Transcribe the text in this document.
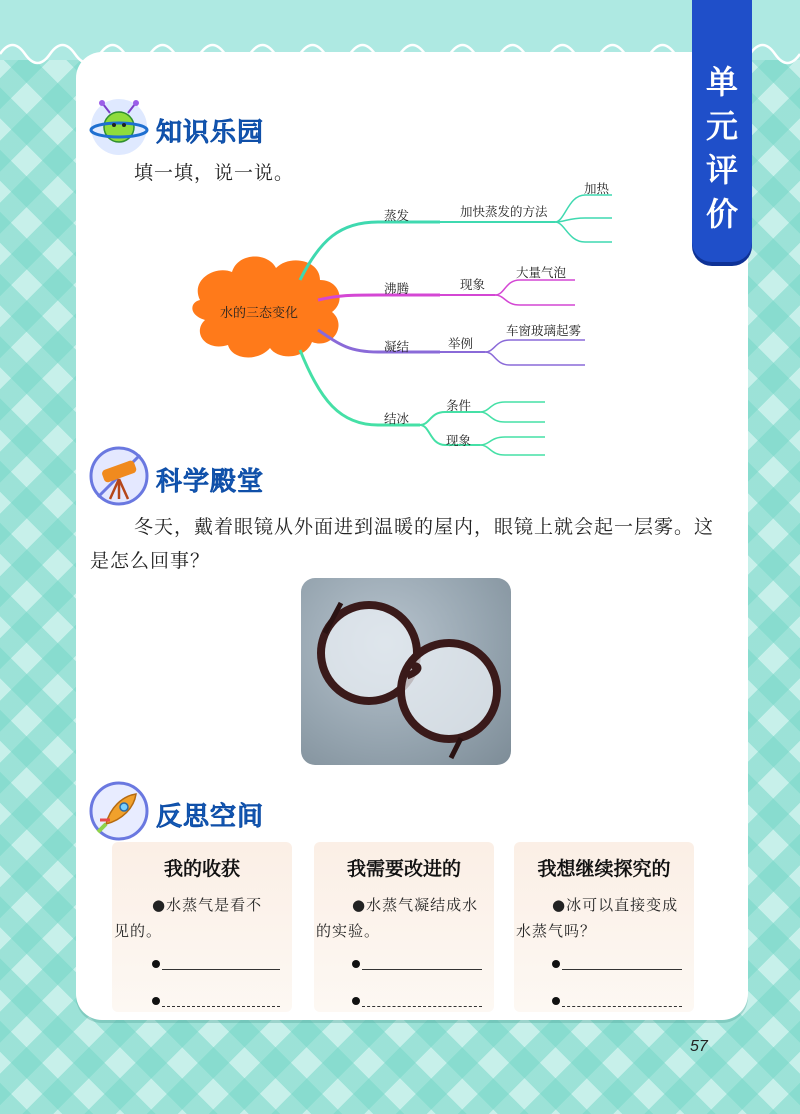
单
元
评
价
知识乐园
填一填，说一说。
水的三态变化
蒸发	加快蒸发的方法
加热
沸腾	现象
大量气泡
凝结	举例
车窗玻璃起雾
结冰
条件
现象
科学殿堂
冬天，戴着眼镜从外面进到温暖的屋内，眼镜上就会起一层雾。这
是怎么回事？
反思空间
我的收获
●水蒸气是看不
见的。
我需要改进的
●水蒸气凝结成水
的实验。
我想继续探究的
●冰可以直接变成
水蒸气吗？
57
